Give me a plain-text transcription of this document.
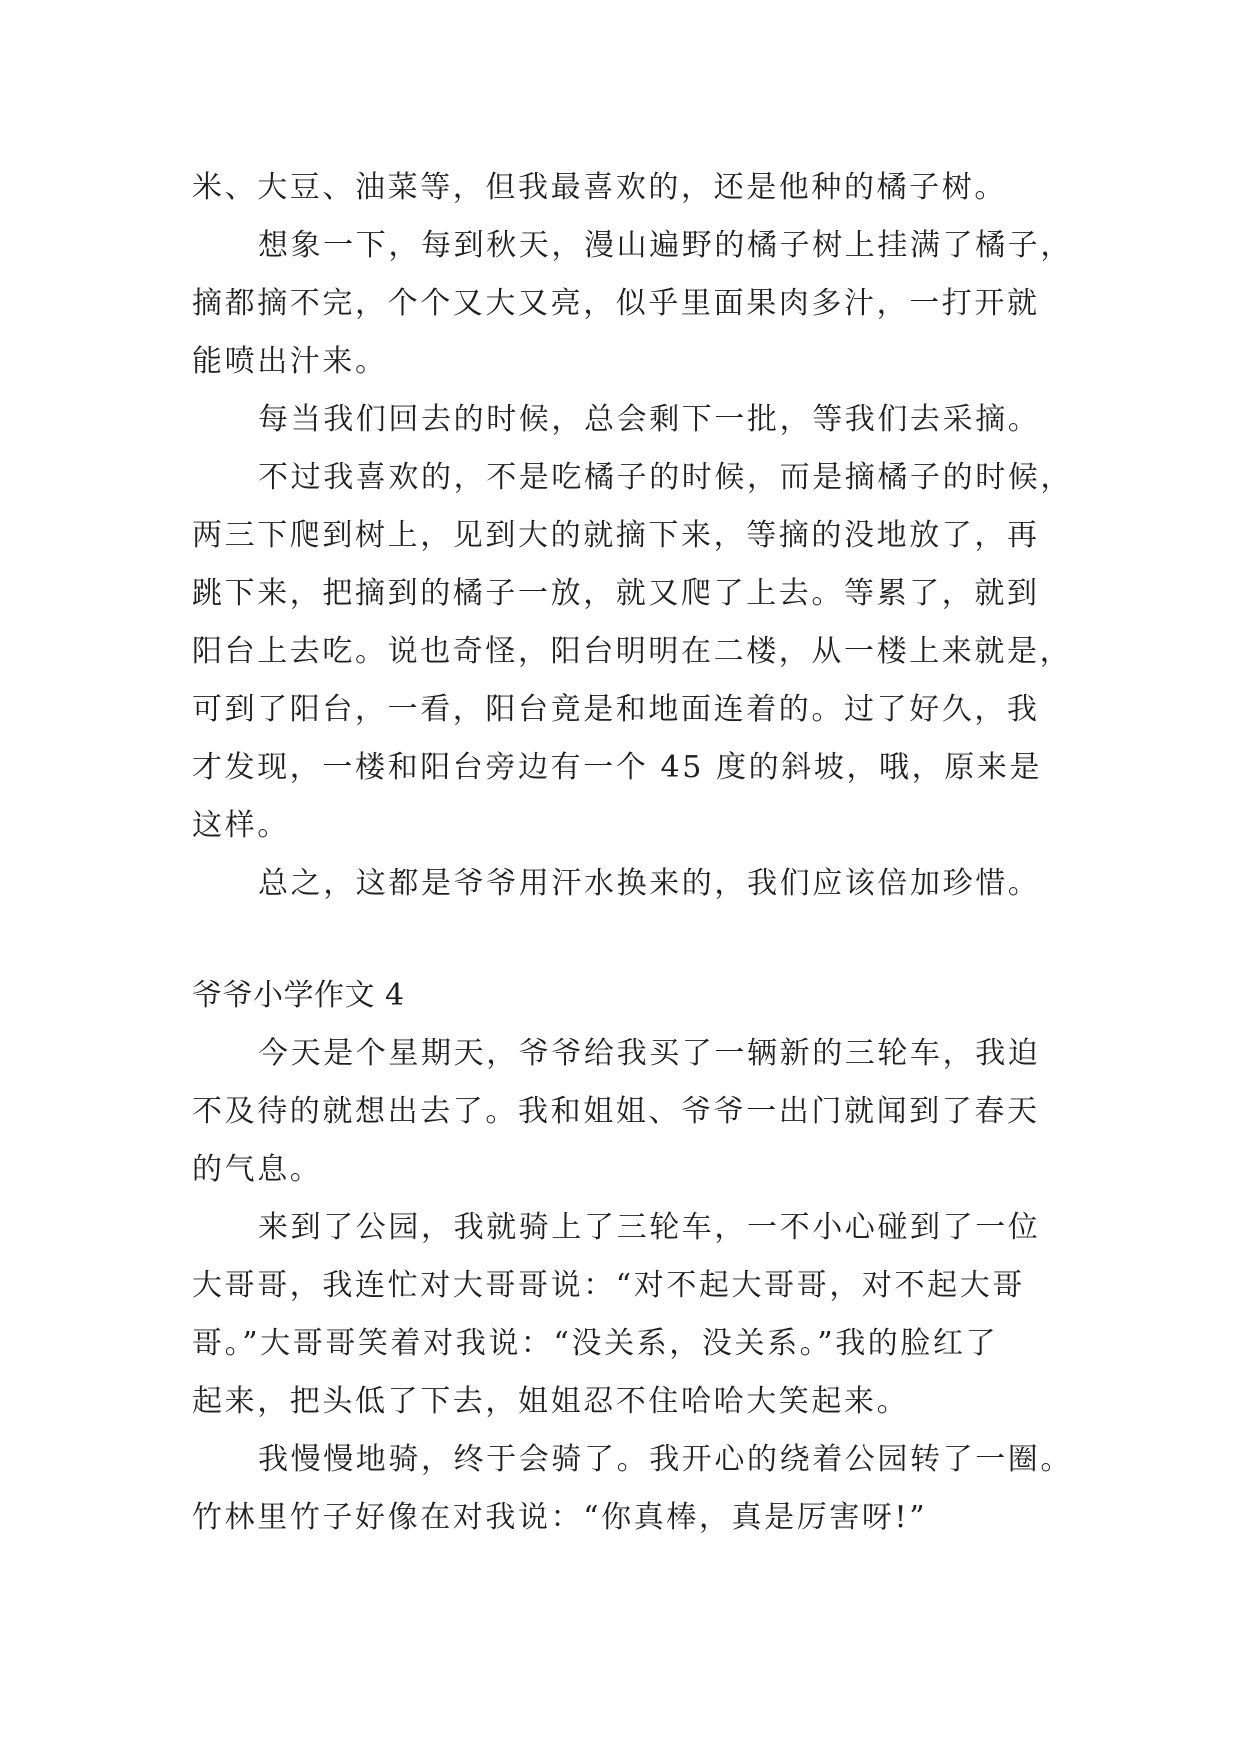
米、大豆、油菜等，但我最喜欢的，还是他种的橘子树。

想象一下，每到秋天，漫山遍野的橘子树上挂满了橘子，

摘都摘不完，个个又大又亮，似乎里面果肉多汁，一打开就

能喷出汁来。

每当我们回去的时候，总会剩下一批，等我们去采摘。

不过我喜欢的，不是吃橘子的时候，而是摘橘子的时候，

两三下爬到树上，见到大的就摘下来，等摘的没地放了，再

跳下来，把摘到的橘子一放，就又爬了上去。等累了，就到

阳台上去吃。说也奇怪，阳台明明在二楼，从一楼上来就是，

可到了阳台，一看，阳台竟是和地面连着的。过了好久，我

才发现，一楼和阳台旁边有一个 45 度的斜坡，哦，原来是

这样。

总之，这都是爷爷用汗水换来的，我们应该倍加珍惜。

爷爷小学作文 4

今天是个星期天，爷爷给我买了一辆新的三轮车，我迫

不及待的就想出去了。我和姐姐、爷爷一出门就闻到了春天

的气息。

来到了公园，我就骑上了三轮车，一不小心碰到了一位

大哥哥，我连忙对大哥哥说：“对不起大哥哥，对不起大哥

哥。”大哥哥笑着对我说：“没关系，没关系。”我的脸红了

起来，把头低了下去，姐姐忍不住哈哈大笑起来。

我慢慢地骑，终于会骑了。我开心的绕着公园转了一圈。

竹林里竹子好像在对我说：“你真棒，真是厉害呀!”
